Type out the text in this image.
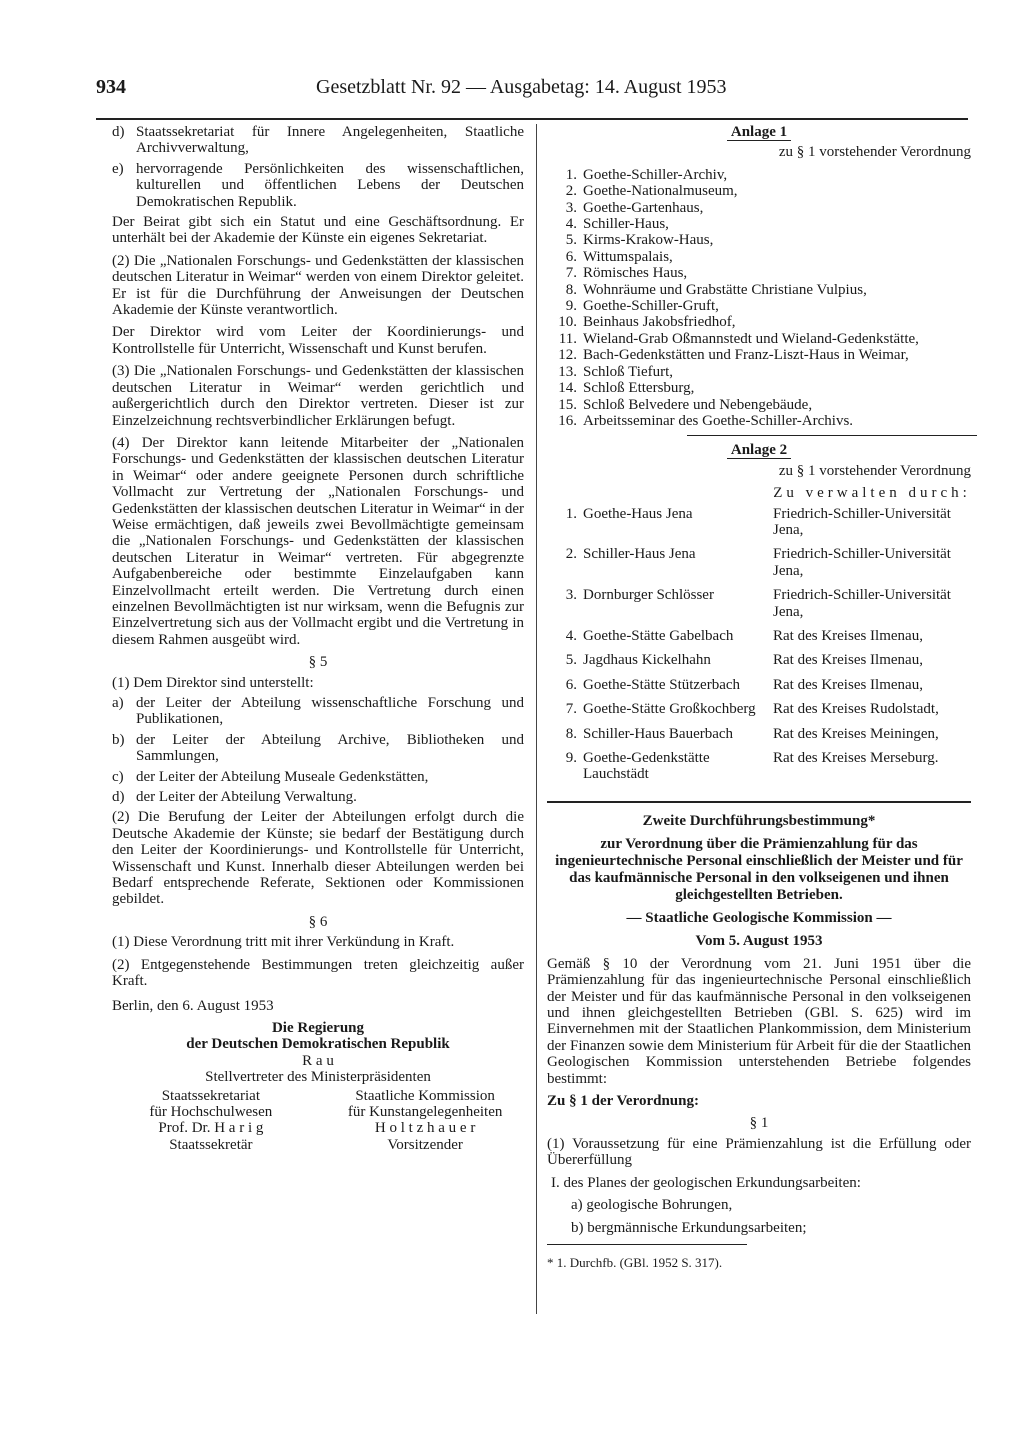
934	Gesetzblatt Nr. 92 — Ausgabetag: 14. August 1953
d) Staatssekretariat für Innere Angelegenheiten, Staatliche Archivverwaltung,
e) hervorragende Persönlichkeiten des wissenschaftlichen, kulturellen und öffentlichen Lebens der Deutschen Demokratischen Republik.

Der Beirat gibt sich ein Statut und eine Geschäftsordnung. Er unterhält bei der Akademie der Künste ein eigenes Sekretariat.

(2) Die „Nationalen Forschungs- und Gedenkstätten der klassischen deutschen Literatur in Weimar“ werden von einem Direktor geleitet. Er ist für die Durchführung der Anweisungen der Deutschen Akademie der Künste verantwortlich.

Der Direktor wird vom Leiter der Koordinierungs- und Kontrollstelle für Unterricht, Wissenschaft und Kunst berufen.

(3) Die „Nationalen Forschungs- und Gedenkstätten der klassischen deutschen Literatur in Weimar“ werden gerichtlich und außergerichtlich durch den Direktor vertreten. Dieser ist zur Einzelzeichnung rechtsverbindlicher Erklärungen befugt.

(4) Der Direktor kann leitende Mitarbeiter der „Nationalen Forschungs- und Gedenkstätten der klassischen deutschen Literatur in Weimar“ oder andere geeignete Personen durch schriftliche Vollmacht zur Vertretung der „Nationalen Forschungs- und Gedenkstätten der klassischen deutschen Literatur in Weimar“ in der Weise ermächtigen, daß jeweils zwei Bevollmächtigte gemeinsam die „Nationalen Forschungs- und Gedenkstätten der klassischen deutschen Literatur in Weimar“ vertreten. Für abgegrenzte Aufgabenbereiche oder bestimmte Einzelaufgaben kann Einzelvollmacht erteilt werden. Die Vertretung durch einen einzelnen Bevollmächtigten ist nur wirksam, wenn die Befugnis zur Einzelvertretung sich aus der Vollmacht ergibt und die Vertretung in diesem Rahmen ausgeübt wird.

§ 5

(1) Dem Direktor sind unterstellt:

a) der Leiter der Abteilung wissenschaftliche Forschung und Publikationen,
b) der Leiter der Abteilung Archive, Bibliotheken und Sammlungen,
c) der Leiter der Abteilung Museale Gedenkstätten,
d) der Leiter der Abteilung Verwaltung.

(2) Die Berufung der Leiter der Abteilungen erfolgt durch die Deutsche Akademie der Künste; sie bedarf der Bestätigung durch den Leiter der Koordinierungs- und Kontrollstelle für Unterricht, Wissenschaft und Kunst. Innerhalb dieser Abteilungen werden bei Bedarf entsprechende Referate, Sektionen oder Kommissionen gebildet.

§ 6

(1) Diese Verordnung tritt mit ihrer Verkündung in Kraft.

(2) Entgegenstehende Bestimmungen treten gleichzeitig außer Kraft.

Berlin, den 6. August 1953

Die Regierung
der Deutschen Demokratischen Republik
R a u
Stellvertreter des Ministerpräsidenten
Staatssekretariat
für Hochschulwesen
Prof. Dr. H a r i g
Staatssekretär
Staatliche Kommission
für Kunstangelegenheiten
H o l t z h a u e r
Vorsitzender
Anlage 1
zu § 1 vorstehender Verordnung
1. Goethe-Schiller-Archiv,
2. Goethe-Nationalmuseum,
3. Goethe-Gartenhaus,
4. Schiller-Haus,
5. Kirms-Krakow-Haus,
6. Wittumspalais,
7. Römisches Haus,
8. Wohnräume und Grabstätte Christiane Vulpius,
9. Goethe-Schiller-Gruft,
10. Beinhaus Jakobsfriedhof,
11. Wieland-Grab Oßmannstedt und Wieland-Gedenkstätte,
12. Bach-Gedenkstätten und Franz-Liszt-Haus in Weimar,
13. Schloß Tiefurt,
14. Schloß Ettersburg,
15. Schloß Belvedere und Nebengebäude,
16. Arbeitsseminar des Goethe-Schiller-Archivs.
Anlage 2
zu § 1 vorstehender Verordnung
		Zu verwalten durch:
1.	Goethe-Haus Jena	Friedrich-Schiller-Universität Jena,
2.	Schiller-Haus Jena	Friedrich-Schiller-Universität Jena,
3.	Dornburger Schlösser	Friedrich-Schiller-Universität Jena,
4.	Goethe-Stätte Gabelbach	Rat des Kreises Ilmenau,
5.	Jagdhaus Kickelhahn	Rat des Kreises Ilmenau,
6.	Goethe-Stätte Stützerbach	Rat des Kreises Ilmenau,
7.	Goethe-Stätte Großkochberg	Rat des Kreises Rudolstadt,
8.	Schiller-Haus Bauerbach	Rat des Kreises Meiningen,
9.	Goethe-Gedenkstätte Lauchstädt	Rat des Kreises Merseburg.
Zweite Durchführungsbestimmung*
zur Verordnung über die Prämienzahlung für das ingenieurtechnische Personal einschließlich der Meister und für das kaufmännische Personal in den volkseigenen und ihnen gleichgestellten Betrieben.
— Staatliche Geologische Kommission —
Vom 5. August 1953

Gemäß § 10 der Verordnung vom 21. Juni 1951 über die Prämienzahlung für das ingenieurtechnische Personal einschließlich der Meister und für das kaufmännische Personal in den volkseigenen und ihnen gleichgestellten Betrieben (GBl. S. 625) wird im Einvernehmen mit der Staatlichen Plankommission, dem Ministerium der Finanzen sowie dem Ministerium für Arbeit für die der Staatlichen Geologischen Kommission unterstehenden Betriebe folgendes bestimmt:

Zu § 1 der Verordnung:

§ 1

(1) Voraussetzung für eine Prämienzahlung ist die Erfüllung oder Übererfüllung

I. des Planes der geologischen Erkundungsarbeiten:

a) geologische Bohrungen,

b) bergmännische Erkundungsarbeiten;

* 1. Durchfb. (GBl. 1952 S. 317).
